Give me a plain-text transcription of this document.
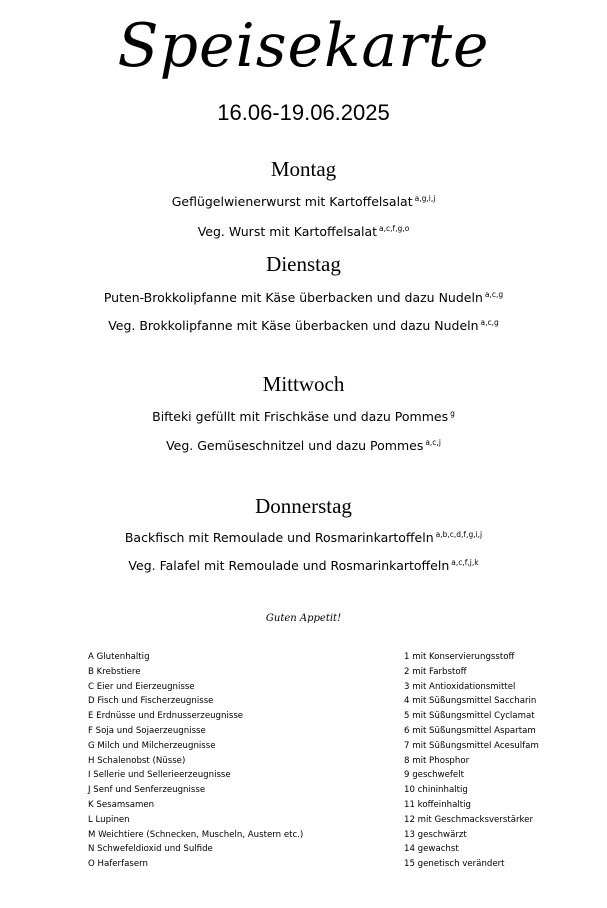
Speisekarte
16.06-19.06.2025
Montag
Geflügelwienerwurst mit Kartoffelsalat $^{a,g,i,j}$
Veg. Wurst mit Kartoffelsalat $^{a,c,f,g,o}$
Dienstag
Puten-Brokkolipfanne mit Käse überbacken und dazu Nudeln $^{a,c,g}$
Veg. Brokkolipfanne mit Käse überbacken und dazu Nudeln $^{a,c,g}$
Mittwoch
Bifteki gefüllt mit Frischkäse und dazu Pommes $^g$
Veg. Gemüseschnitzel und dazu Pommes $^{a,c,j}$
Donnerstag
Backfisch mit Remoulade und Rosmarinkartoffeln $^{a,b,c,d,f,g,i,j}$
Veg. Falafel mit Remoulade und Rosmarinkartoffeln $^{a,c,f,j,k}$
Guten Appetit!
A Glutenhaltig
B Krebstiere
C Eier und Eierzeugnisse
D Fisch und Fischerzeugnisse
E Erdnüsse und Erdnusserzeugnisse
F Soja und Sojaerzeugnisse
G Milch und Milcherzeugnisse
H Schalenobst (Nüsse)
I Sellerie und Sellerieerzeugnisse
J Senf und Senferzeugnisse
K Sesamsamen
L Lupinen
M Weichtiere (Schnecken, Muscheln, Austern etc.)
N Schwefeldioxid und Sulfide
O Haferfasern
1 mit Konservierungsstoff
2 mit Farbstoff
3 mit Antioxidationsmittel
4 mit Süßungsmittel Saccharin
5 mit Süßungsmittel Cyclamat
6 mit Süßungsmittel Aspartam
7 mit Süßungsmittel Acesulfam
8 mit Phosphor
9 geschwefelt
10 chininhaltig
11 koffeinhaltig
12 mit Geschmacksverstärker
13 geschwärzt
14 gewachst
15 genetisch verändert
